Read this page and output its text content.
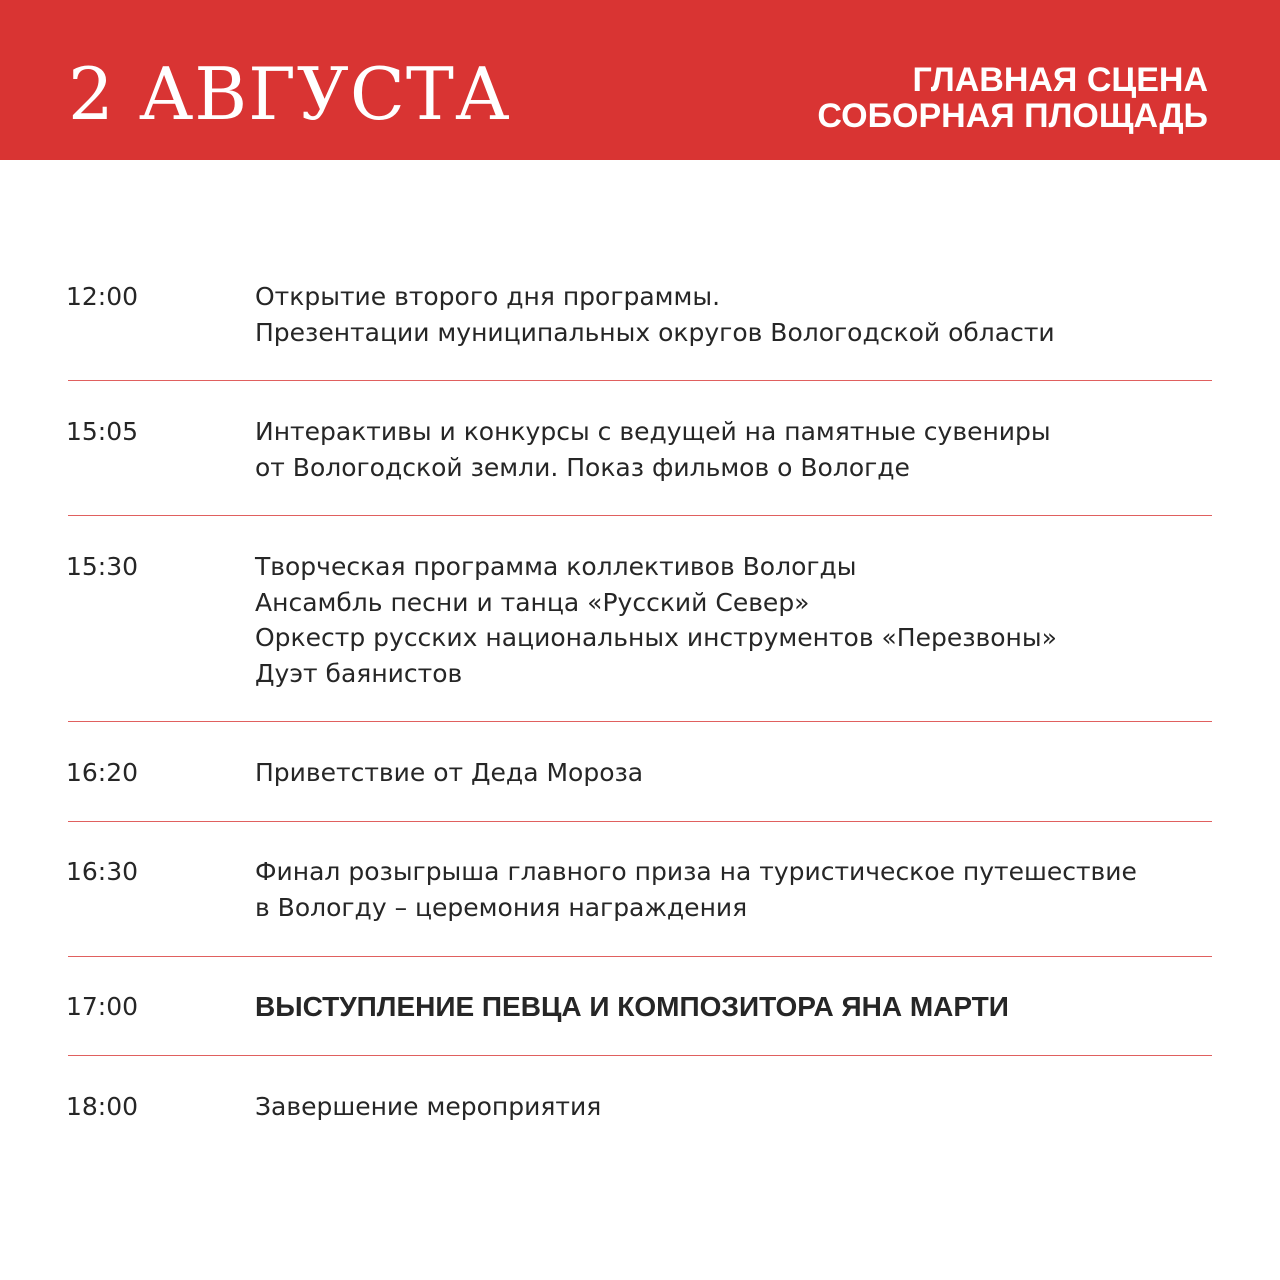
2 АВГУСТА	ГЛАВНАЯ СЦЕНА
СОБОРНАЯ ПЛОЩАДЬ
12:00	Открытие второго дня программы.
Презентации муниципальных округов Вологодской области
15:05	Интерактивы и конкурсы с ведущей на памятные сувениры
от Вологодской земли. Показ фильмов о Вологде
15:30	Творческая программа коллективов Вологды
Ансамбль песни и танца «Русский Север»
Оркестр русских национальных инструментов «Перезвоны»
Дуэт баянистов
16:20	Приветствие от Деда Мороза
16:30	Финал розыгрыша главного приза на туристическое путешествие
в Вологду – церемония награждения
17:00	ВЫСТУПЛЕНИЕ ПЕВЦА И КОМПОЗИТОРА ЯНА МАРТИ
18:00	Завершение мероприятия
